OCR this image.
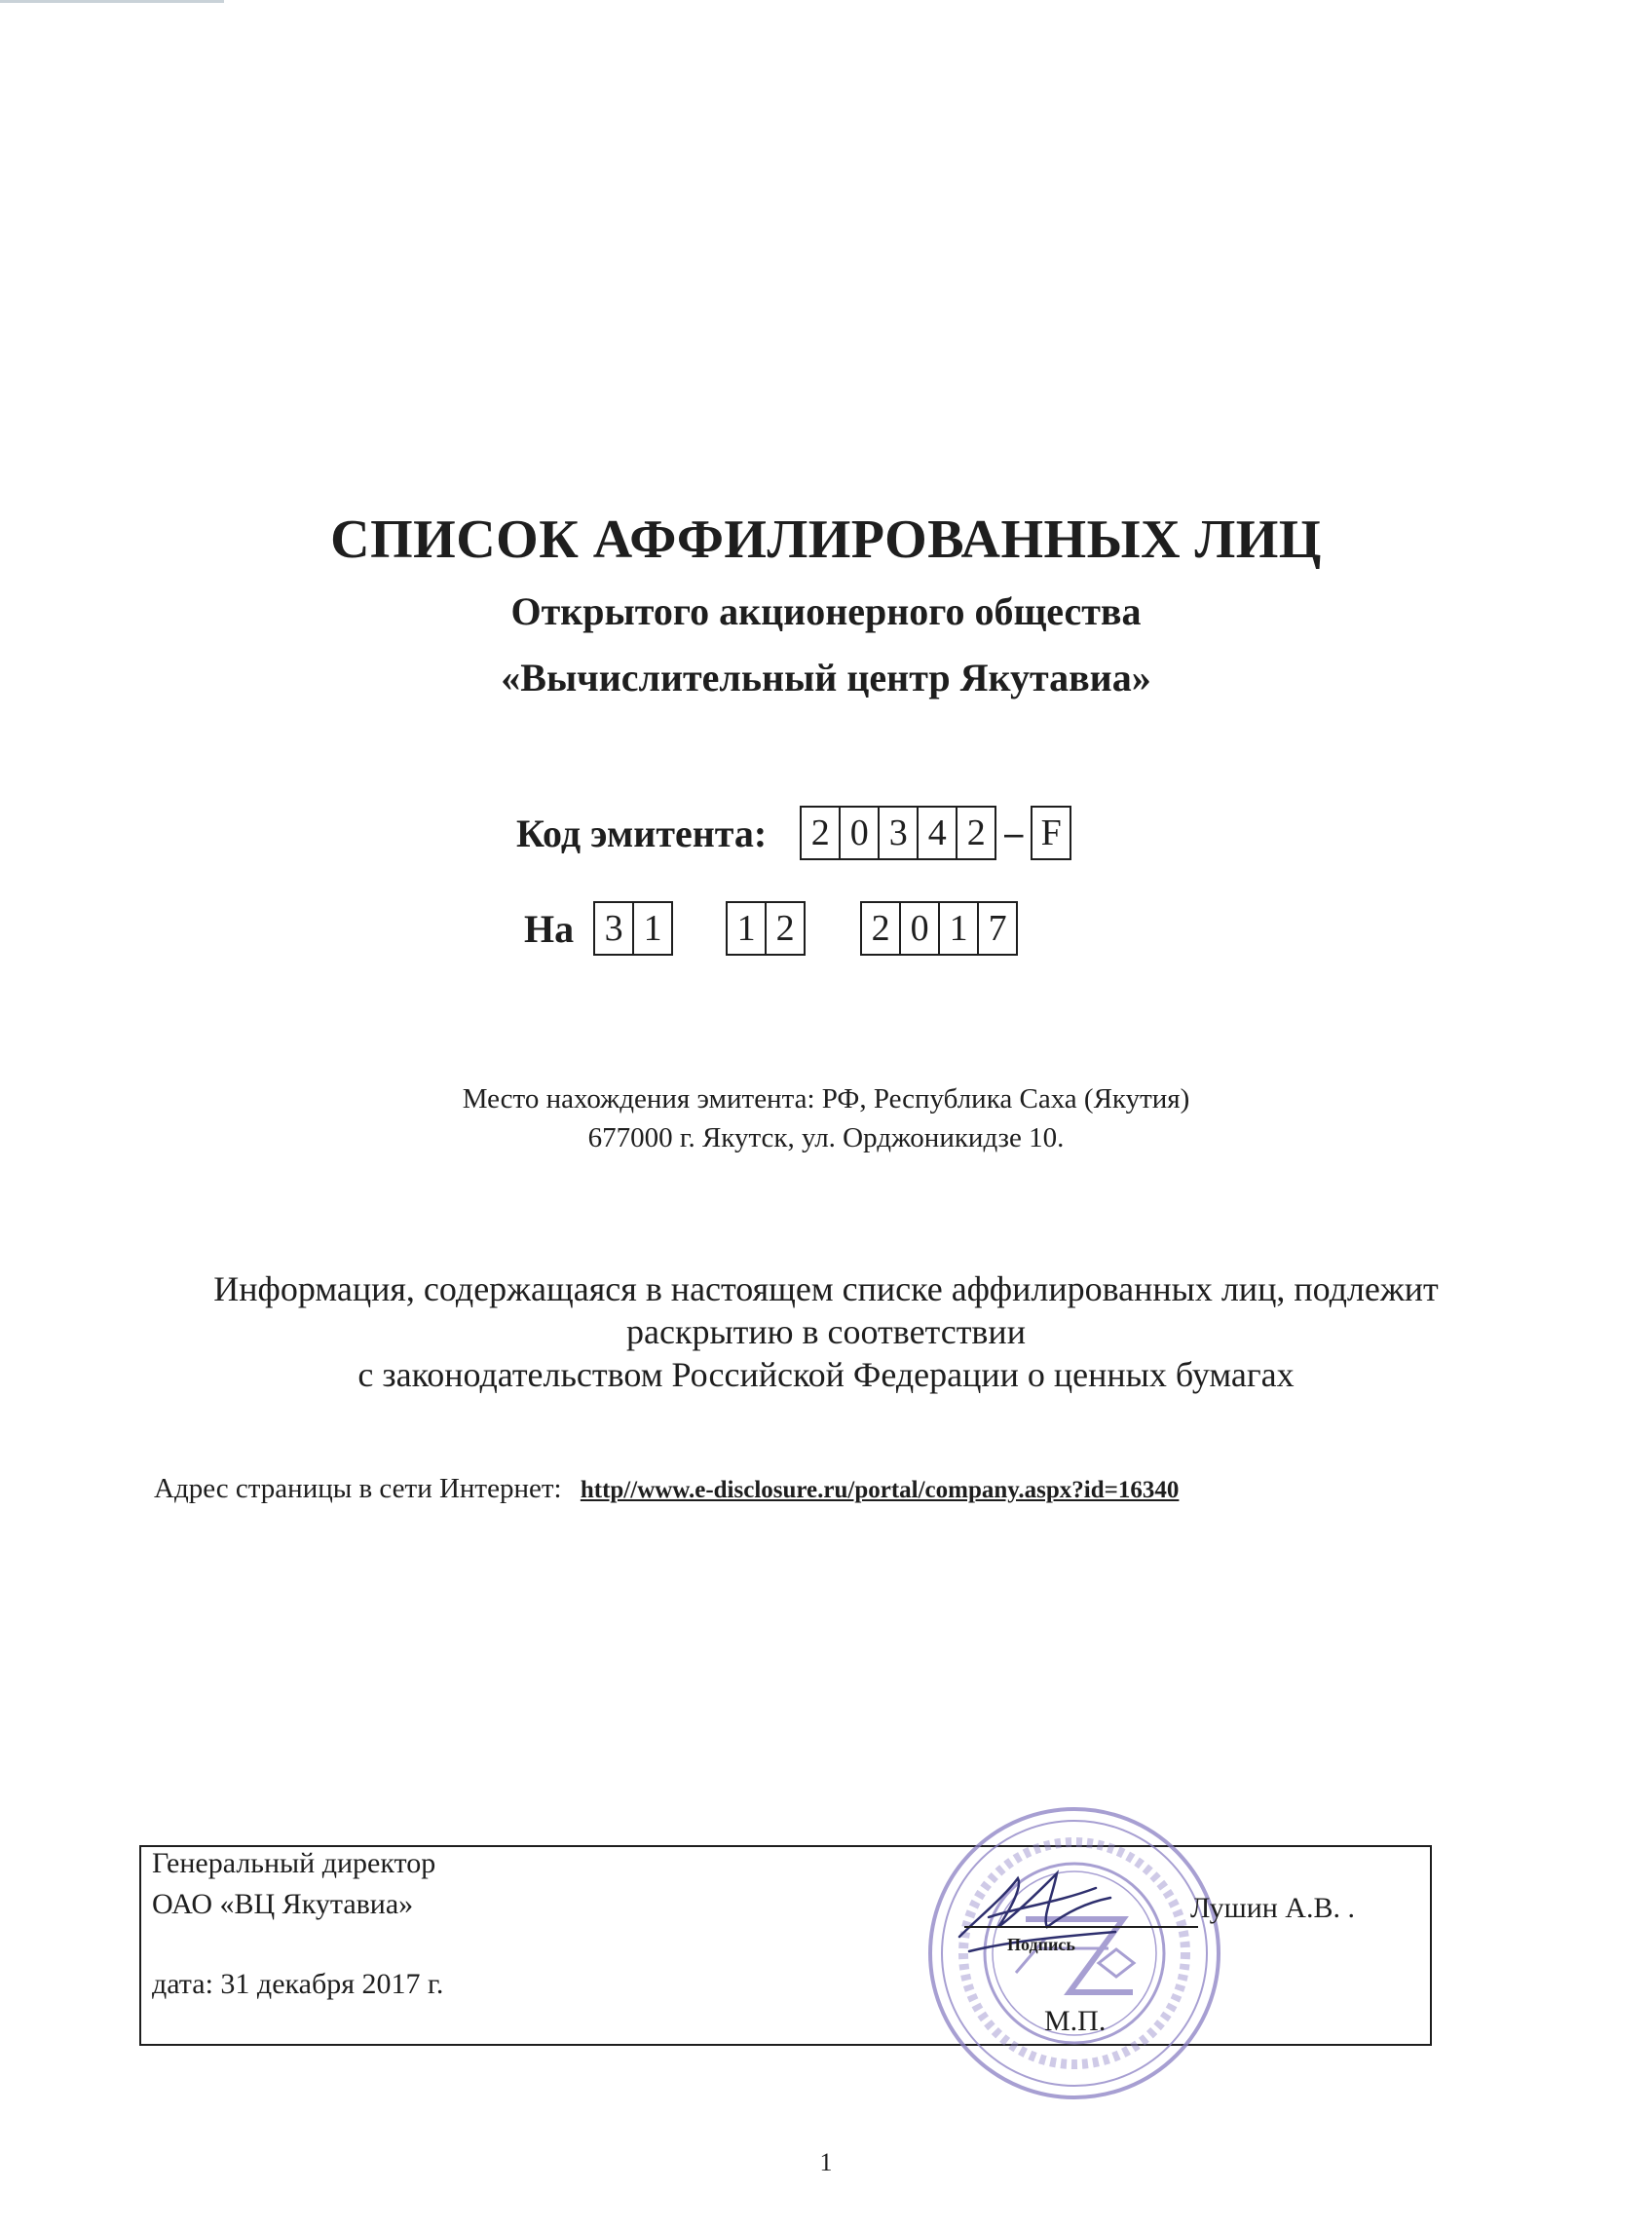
СПИСОК АФФИЛИРОВАННЫХ ЛИЦ
Открытого акционерного общества
«Вычислительный центр Якутавиа»
Код эмитента: 2 0 3 4 2 – F
На 3 1 1 2 2 0 1 7
Место нахождения эмитента: РФ, Республика Саха (Якутия)
677000 г. Якутск, ул. Орджоникидзе 10.
Информация, содержащаяся в настоящем списке аффилированных лиц, подлежит
раскрытию в соответствии
с законодательством Российской Федерации о ценных бумагах
Адрес страницы в сети Интернет: http//www.e-disclosure.ru/portal/company.aspx?id=16340
Генеральный директор
ОАО «ВЦ Якутавиа»
дата: 31 декабря 2017 г.
Лушин А.В. .
Подпись
М.П.
1
